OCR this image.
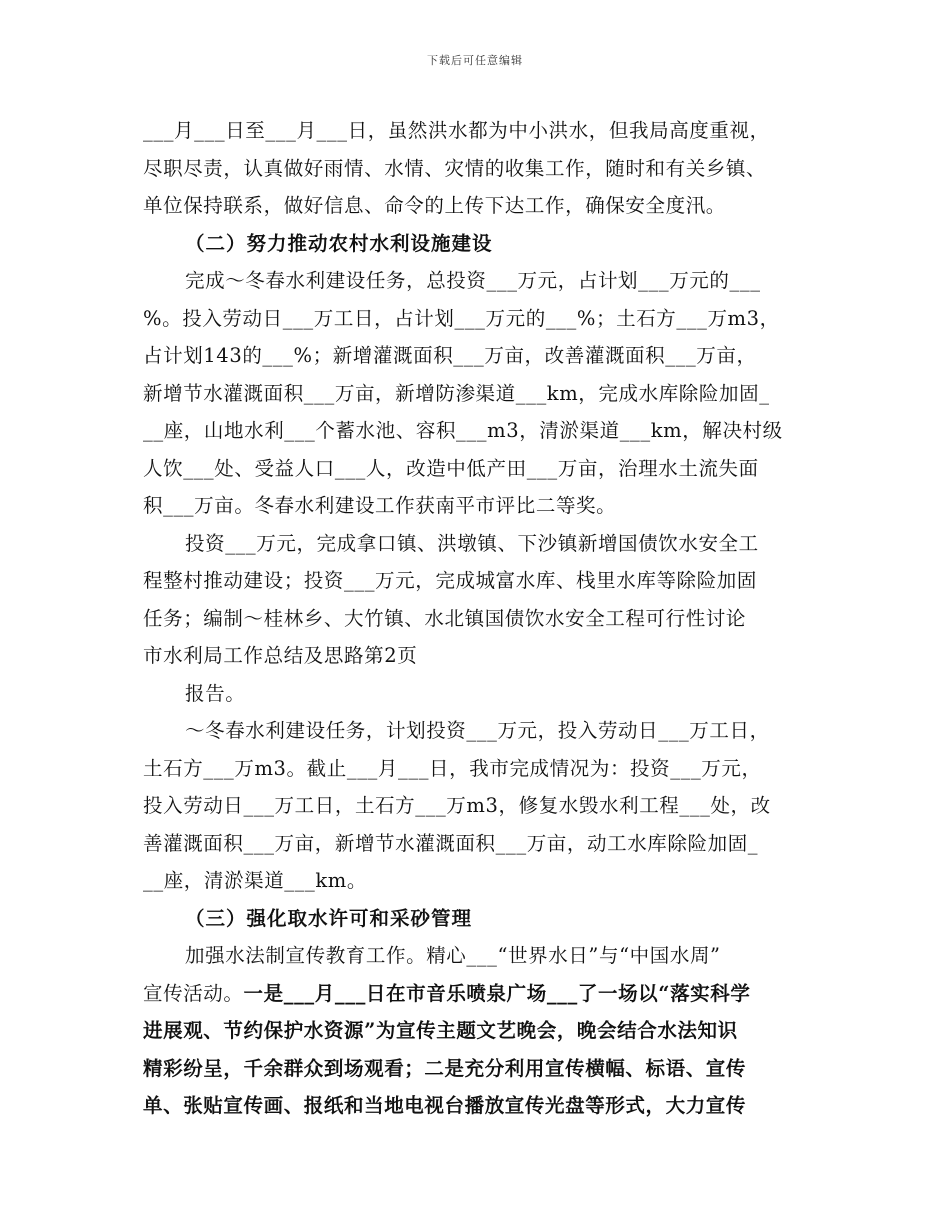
下载后可任意编辑
___月___日至___月___日，虽然洪水都为中小洪水，但我局高度重视，
尽职尽责，认真做好雨情、水情、灾情的收集工作，随时和有关乡镇、
单位保持联系，做好信息、命令的上传下达工作，确保安全度汛。
（二）努力推动农村水利设施建设
完成～冬春水利建设任务，总投资___万元，占计划___万元的___
%。投入劳动日___万工日，占计划___万元的___%；土石方___万m3，
占计划143的___%；新增灌溉面积___万亩，改善灌溉面积___万亩，
新增节水灌溉面积___万亩，新增防渗渠道___km，完成水库除险加固_
__座，山地水利___个蓄水池、容积___m3，清淤渠道___km，解决村级
人饮___处、受益人口___人，改造中低产田___万亩，治理水土流失面
积___万亩。冬春水利建设工作获南平市评比二等奖。
投资___万元，完成拿口镇、洪墩镇、下沙镇新增国债饮水安全工
程整村推动建设；投资___万元，完成城富水库、栈里水库等除险加固
任务；编制～桂林乡、大竹镇、水北镇国债饮水安全工程可行性讨论
市水利局工作总结及思路第2页
报告。
～冬春水利建设任务，计划投资___万元，投入劳动日___万工日，
土石方___万m3。截止___月___日，我市完成情况为：投资___万元，
投入劳动日___万工日，土石方___万m3，修复水毁水利工程___处，改
善灌溉面积___万亩，新增节水灌溉面积___万亩，动工水库除险加固_
__座，清淤渠道___km。
（三）强化取水许可和采砂管理
加强水法制宣传教育工作。精心___“世界水日”与“中国水周”
宣传活动。一是___月___日在市音乐喷泉广场___了一场以“落实科学
进展观、节约保护水资源”为宣传主题文艺晚会，晚会结合水法知识
精彩纷呈，千余群众到场观看；二是充分利用宣传横幅、标语、宣传
单、张贴宣传画、报纸和当地电视台播放宣传光盘等形式，大力宣传
